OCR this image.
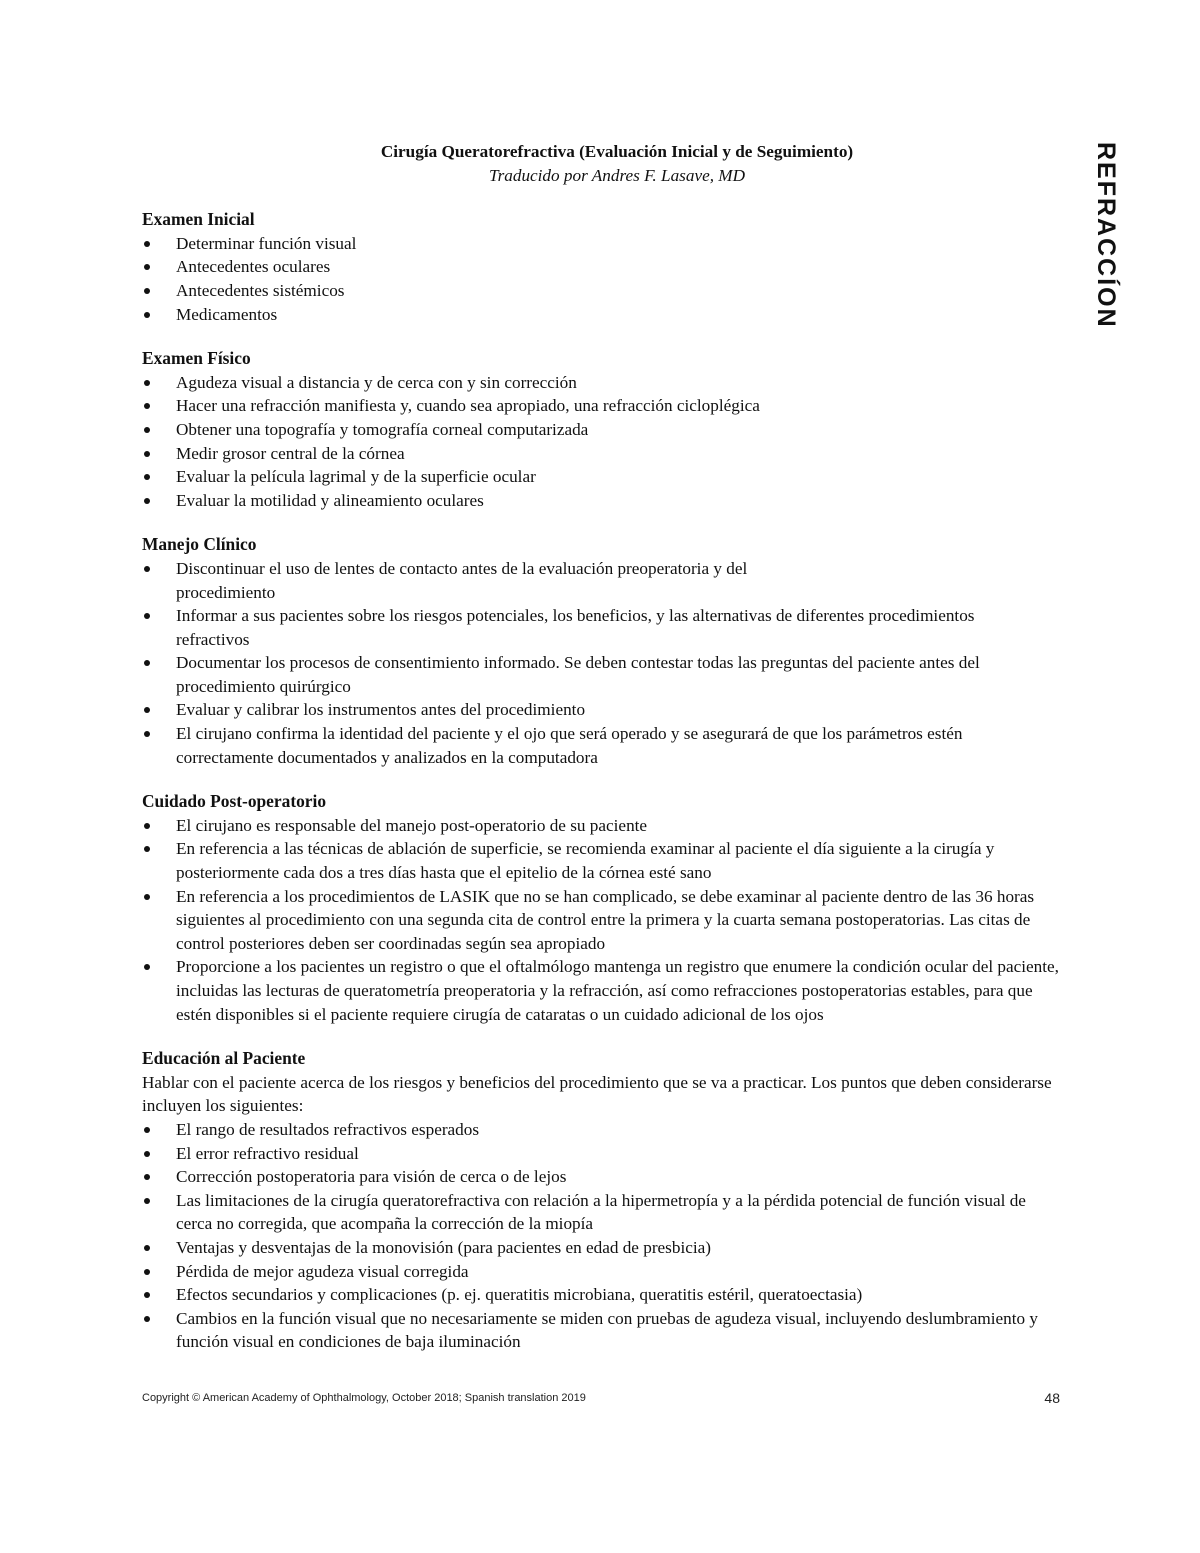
REFRACCÍON

Cirugía Queratorefractiva (Evaluación Inicial y de Seguimiento)

Traducido por Andres F. Lasave, MD

Examen Inicial
Determinar función visual
Antecedentes oculares
Antecedentes sistémicos
Medicamentos
Examen Físico
Agudeza visual a distancia y de cerca con y sin corrección
Hacer una refracción manifiesta y, cuando sea apropiado, una refracción cicloplégica
Obtener una topografía y tomografía corneal computarizada
Medir grosor central de la córnea
Evaluar la película lagrimal y de la superficie ocular
Evaluar la motilidad y alineamiento oculares
Manejo Clínico
Discontinuar el uso de lentes de contacto antes de la evaluación preoperatoria y del procedimiento
Informar a sus pacientes sobre los riesgos potenciales, los beneficios, y las alternativas de diferentes procedimientos refractivos
Documentar los procesos de consentimiento informado. Se deben contestar todas las preguntas del paciente antes del procedimiento quirúrgico
Evaluar y calibrar los instrumentos antes del procedimiento
El cirujano confirma la identidad del paciente y el ojo que será operado y se asegurará de que los parámetros estén correctamente documentados y analizados en la computadora
Cuidado Post-operatorio
El cirujano es responsable del manejo post-operatorio de su paciente
En referencia a las técnicas de ablación de superficie, se recomienda examinar al paciente el día siguiente a la cirugía y posteriormente cada dos a tres días hasta que el epitelio de la córnea esté sano
En referencia a los procedimientos de LASIK que no se han complicado, se debe examinar al paciente dentro de las 36 horas siguientes al procedimiento con una segunda cita de control entre la primera y la cuarta semana postoperatorias. Las citas de control posteriores deben ser coordinadas según sea apropiado
Proporcione a los pacientes un registro o que el oftalmólogo mantenga un registro que enumere la condición ocular del paciente, incluidas las lecturas de queratometría preoperatoria y la refracción, así como refracciones postoperatorias estables, para que estén disponibles si el paciente requiere cirugía de cataratas o un cuidado adicional de los ojos
Educación al Paciente

Hablar con el paciente acerca de los riesgos y beneficios del procedimiento que se va a practicar. Los puntos que deben considerarse incluyen los siguientes:

El rango de resultados refractivos esperados
El error refractivo residual
Corrección postoperatoria para visión de cerca o de lejos
Las limitaciones de la cirugía queratorefractiva con relación a la hipermetropía y a la pérdida potencial de función visual de cerca no corregida, que acompaña la corrección de la miopía
Ventajas y desventajas de la monovisión (para pacientes en edad de presbicia)
Pérdida de mejor agudeza visual corregida
Efectos secundarios y complicaciones (p. ej. queratitis microbiana, queratitis estéril, queratoectasia)
Cambios en la función visual que no necesariamente se miden con pruebas de agudeza visual, incluyendo deslumbramiento y función visual en condiciones de baja iluminación
Copyright © American Academy of Ophthalmology, October 2018; Spanish translation 2019	48
